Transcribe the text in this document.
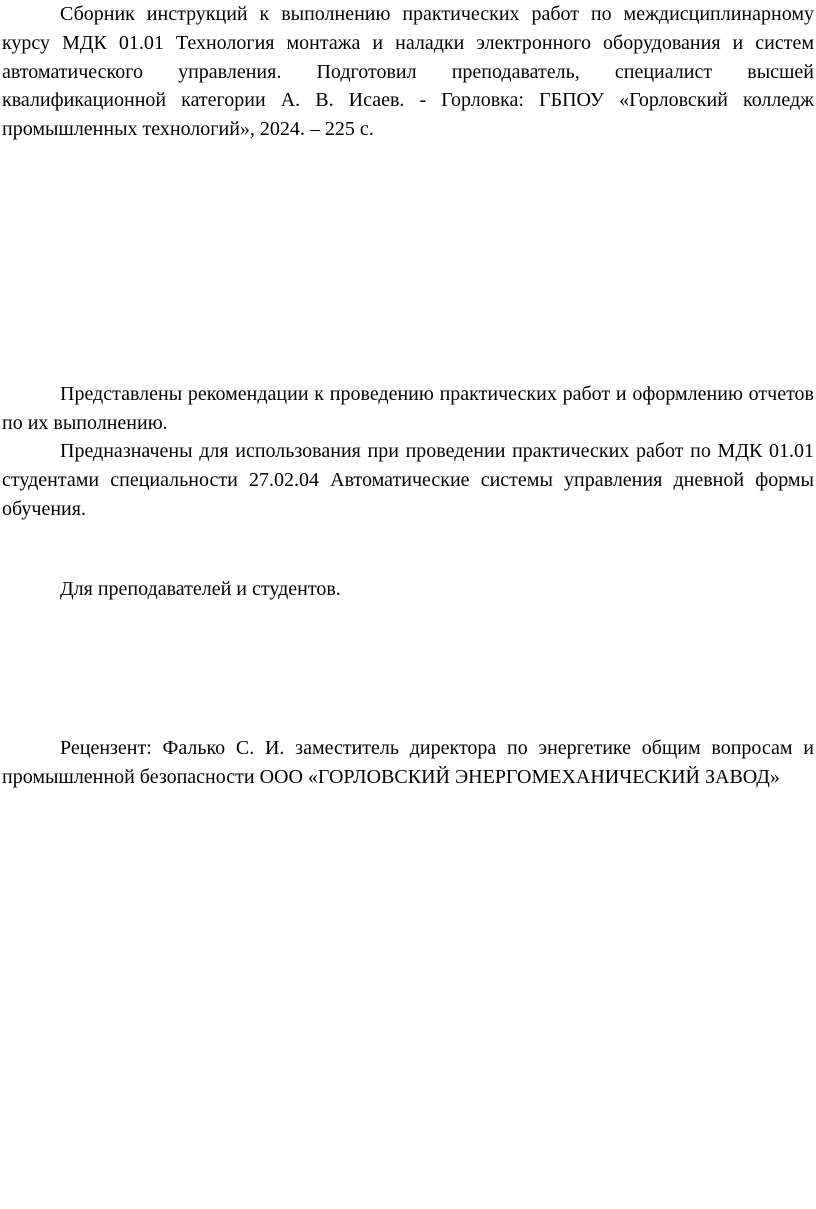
Сборник инструкций к выполнению практических работ по междисциплинарному курсу МДК 01.01 Технология монтажа и наладки электронного оборудования и систем автоматического управления. Подготовил преподаватель, специалист высшей квалификационной категории А. В. Исаев. - Горловка: ГБПОУ «Горловский колледж промышленных технологий», 2024. – 225 с.

Представлены рекомендации к проведению практических работ и оформлению отчетов по их выполнению.

Предназначены для использования при проведении практических работ по МДК 01.01 студентами специальности 27.02.04 Автоматические системы управления дневной формы обучения.

Для преподавателей и студентов.

Рецензент: Фалько С. И. заместитель директора по энергетике общим вопросам и промышленной безопасности ООО «ГОРЛОВСКИЙ ЭНЕРГОМЕХАНИЧЕСКИЙ ЗАВОД»
